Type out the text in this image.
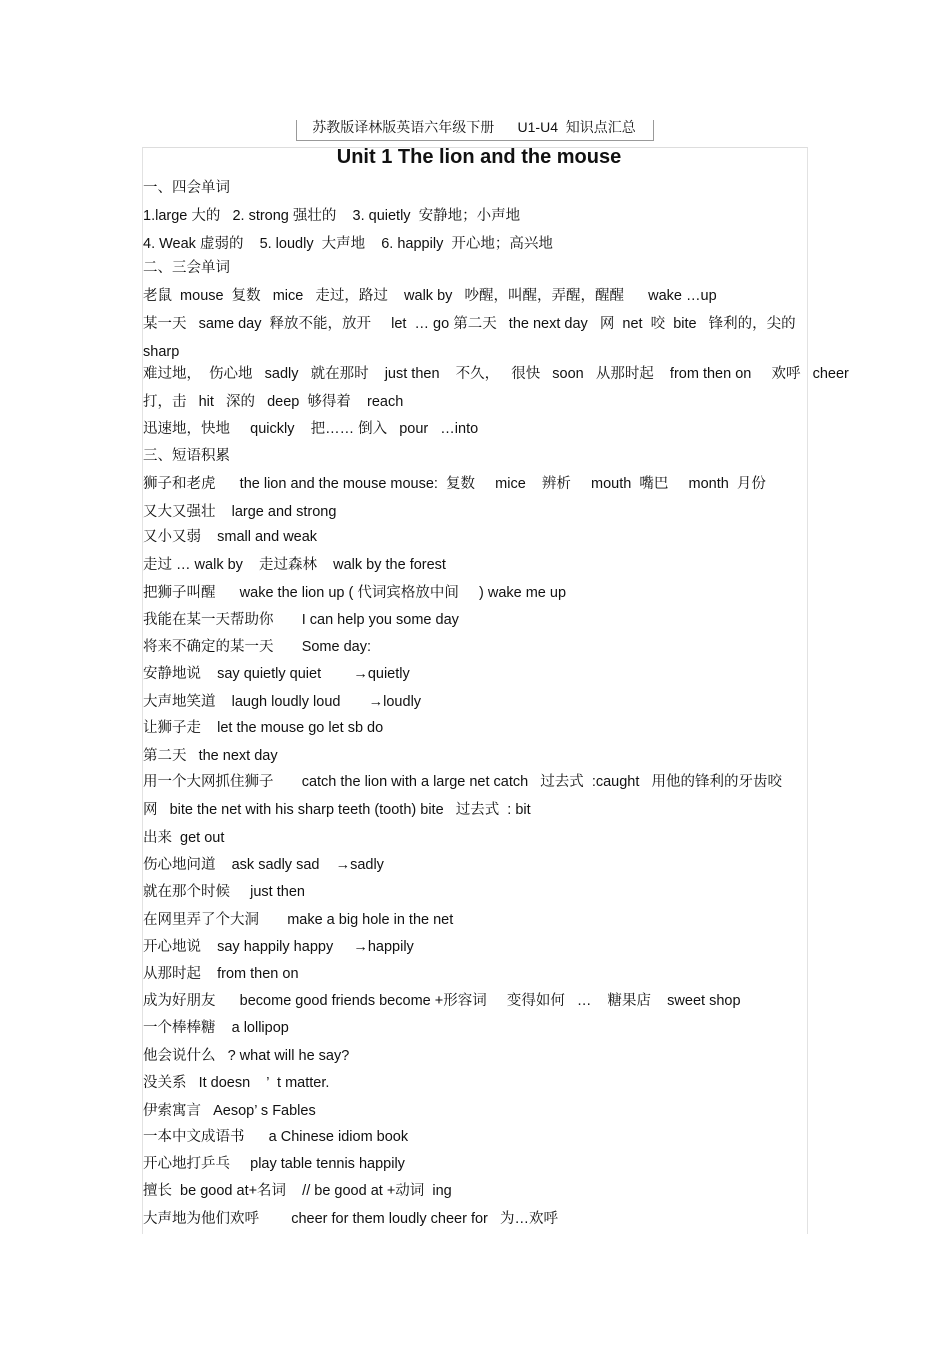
苏教版译林版英语六年级下册      U1-U4  知识点汇总
Unit 1 The lion and the mouse
一、四会单词
1.large 大的   2. strong 强壮的    3. quietly  安静地；小声地
4. Weak 虚弱的    5. loudly  大声地    6. happily  开心地；高兴地
二、三会单词
老鼠  mouse  复数   mice   走过，路过    walk by   吵醒，叫醒，弄醒，醒醒      wake …up
某一天   same day  释放不能，放开     let  … go 第二天   the next day   网  net  咬  bite   锋利的，尖的
sharp
难过地，  伤心地   sadly   就在那时    just then    不久，   很快   soon   从那时起    from then on     欢呼   cheer
打，击   hit   深的   deep  够得着    reach
迅速地，快地     quickly    把…… 倒入   pour   …into
三、短语积累
狮子和老虎      the lion and the mouse mouse:  复数     mice    辨析     mouth  嘴巴     month  月份
又大又强壮    large and strong
又小又弱    small and weak
走过 … walk by    走过森林    walk by the forest
把狮子叫醒      wake the lion up ( 代词宾格放中间     ) wake me up
我能在某一天帮助你       I can help you some day
将来不确定的某一天       Some day:
安静地说    say quietly quiet        →quietly
大声地笑道    laugh loudly loud       →loudly
让狮子走    let the mouse go let sb do
第二天   the next day
用一个大网抓住狮子       catch the lion with a large net catch   过去式  :caught   用他的锋利的牙齿咬
网   bite the net with his sharp teeth (tooth) bite   过去式  : bit
出来  get out
伤心地问道    ask sadly sad    →sadly
就在那个时候     just then
在网里弄了个大洞       make a big hole in the net
开心地说    say happily happy     →happily
从那时起    from then on
成为好朋友      become good friends become +形容词     变得如何   …    糖果店    sweet shop
一个棒棒糖    a lollipop
他会说什么   ? what will he say?
没关系   It doesn    ’  t matter.
伊索寓言   Aesop’ s Fables
一本中文成语书      a Chinese idiom book
开心地打乒乓     play table tennis happily
擅长  be good at+名词    // be good at +动词  ing
大声地为他们欢呼        cheer for them loudly cheer for   为…欢呼
